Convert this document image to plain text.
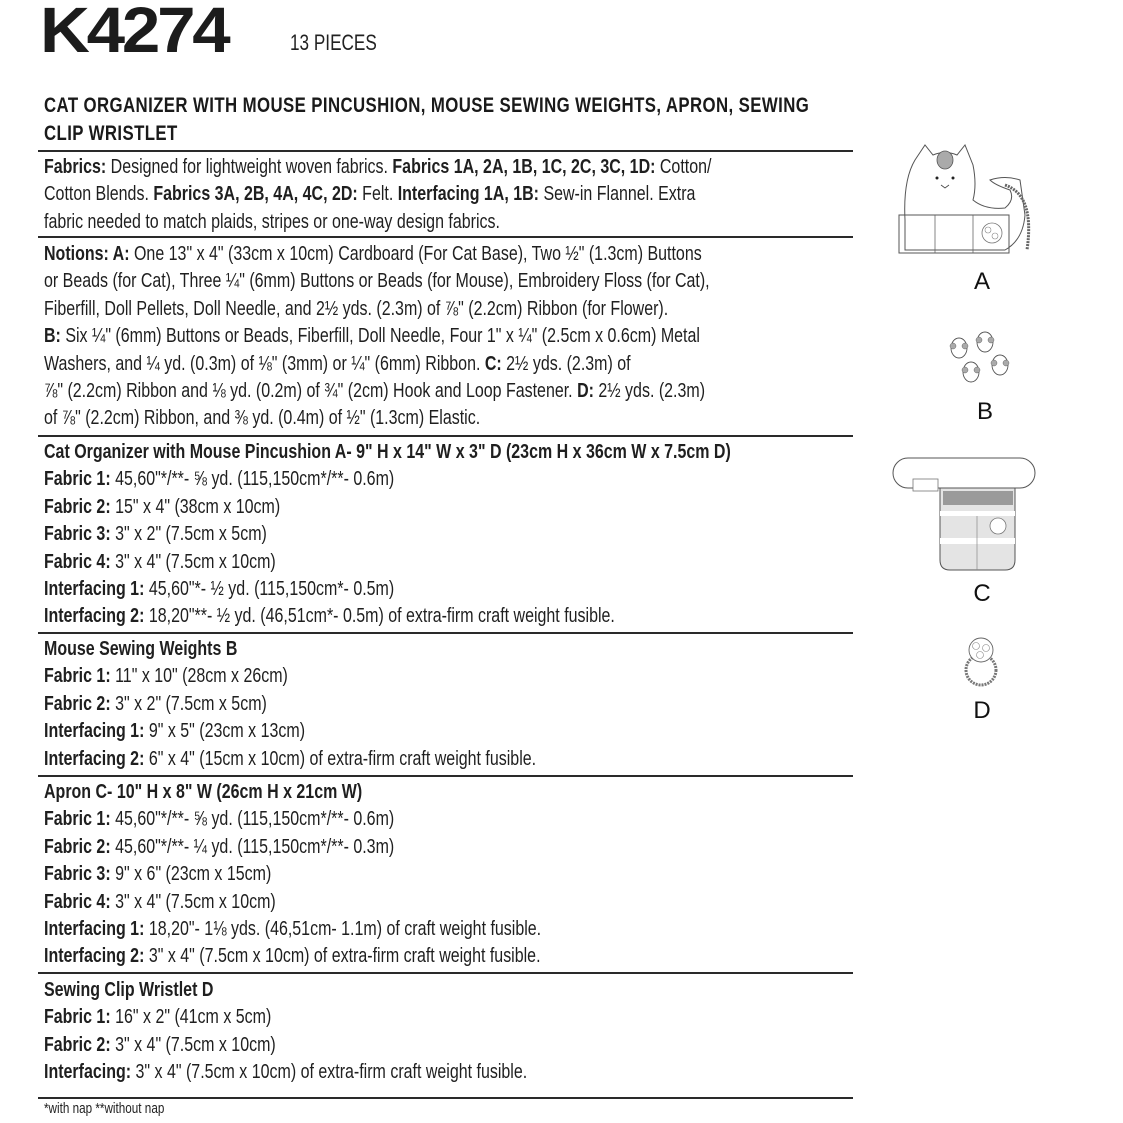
K4274	13 PIECES
CAT ORGANIZER WITH MOUSE PINCUSHION, MOUSE SEWING WEIGHTS, APRON, SEWING
CLIP WRISTLET
Fabrics: Designed for lightweight woven fabrics. Fabrics 1A, 2A, 1B, 1C, 2C, 3C, 1D: Cotton/
Cotton Blends. Fabrics 3A, 2B, 4A, 4C, 2D: Felt. Interfacing 1A, 1B: Sew-in Flannel. Extra
fabric needed to match plaids, stripes or one-way design fabrics.
Notions: A: One 13" x 4" (33cm x 10cm) Cardboard (For Cat Base), Two ½" (1.3cm) Buttons
or Beads (for Cat), Three ¼" (6mm) Buttons or Beads (for Mouse), Embroidery Floss (for Cat),
Fiberfill, Doll Pellets, Doll Needle, and 2½ yds. (2.3m) of ⅞" (2.2cm) Ribbon (for Flower).
B: Six ¼" (6mm) Buttons or Beads, Fiberfill, Doll Needle, Four 1" x ¼" (2.5cm x 0.6cm) Metal
Washers, and ¼ yd. (0.3m) of ⅛" (3mm) or ¼" (6mm) Ribbon. C: 2½ yds. (2.3m) of
⅞" (2.2cm) Ribbon and ⅛ yd. (0.2m) of ¾" (2cm) Hook and Loop Fastener. D: 2½ yds. (2.3m)
of ⅞" (2.2cm) Ribbon, and ⅜ yd. (0.4m) of ½" (1.3cm) Elastic.
Cat Organizer with Mouse Pincushion A- 9" H x 14" W x 3" D (23cm H x 36cm W x 7.5cm D)
Fabric 1: 45,60"*/**- ⅝ yd. (115,150cm*/**- 0.6m)
Fabric 2: 15" x 4" (38cm x 10cm)
Fabric 3: 3" x 2" (7.5cm x 5cm)
Fabric 4: 3" x 4" (7.5cm x 10cm)
Interfacing 1: 45,60"*- ½ yd. (115,150cm*- 0.5m)
Interfacing 2: 18,20"**- ½ yd. (46,51cm*- 0.5m) of extra-firm craft weight fusible.
Mouse Sewing Weights B
Fabric 1: 11" x 10" (28cm x 26cm)
Fabric 2: 3" x 2" (7.5cm x 5cm)
Interfacing 1: 9" x 5" (23cm x 13cm)
Interfacing 2: 6" x 4" (15cm x 10cm) of extra-firm craft weight fusible.
Apron C- 10" H x 8" W (26cm H x 21cm W)
Fabric 1: 45,60"*/**- ⅝ yd. (115,150cm*/**- 0.6m)
Fabric 2: 45,60"*/**- ¼ yd. (115,150cm*/**- 0.3m)
Fabric 3: 9" x 6" (23cm x 15cm)
Fabric 4: 3" x 4" (7.5cm x 10cm)
Interfacing 1: 18,20"- 1⅛ yds. (46,51cm- 1.1m) of craft weight fusible.
Interfacing 2: 3" x 4" (7.5cm x 10cm) of extra-firm craft weight fusible.
Sewing Clip Wristlet D
Fabric 1: 16" x 2" (41cm x 5cm)
Fabric 2: 3" x 4" (7.5cm x 10cm)
Interfacing: 3" x 4" (7.5cm x 10cm) of extra-firm craft weight fusible.
*with nap **without nap
A
B
C
D
